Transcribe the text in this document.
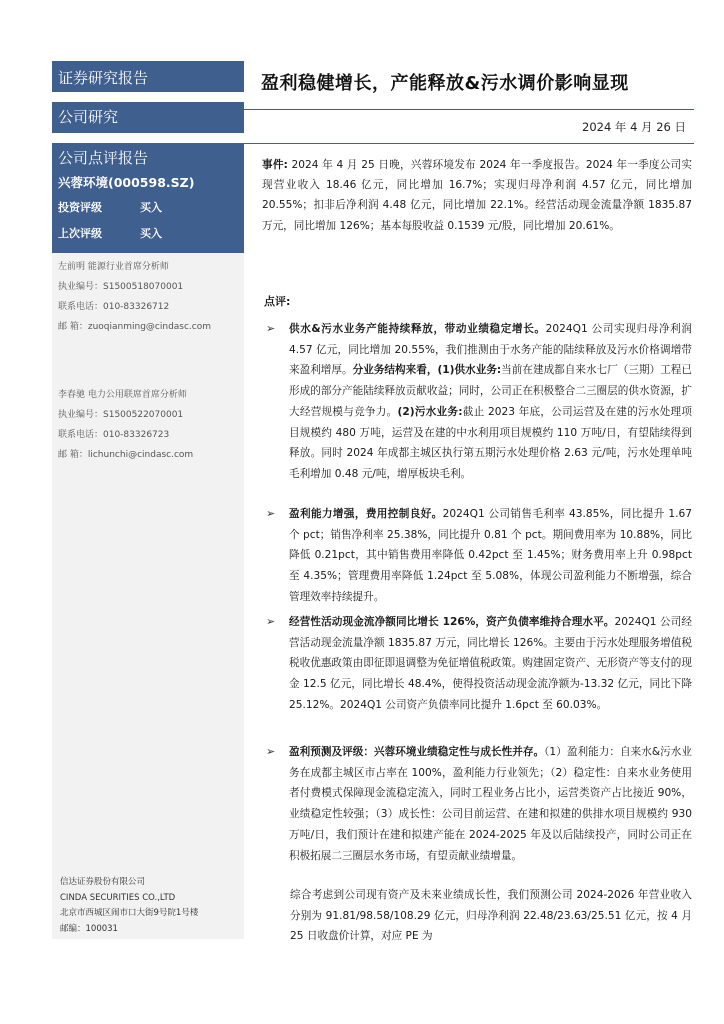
证券研究报告
公司研究
公司点评报告
兴蓉环境(000598.SZ)
投资评级	买入
上次评级	买入
左前明 能源行业首席分析师
执业编号：S1500518070001
联系电话：010-83326712
邮 箱：zuoqianming@cindasc.com
李春驰 电力公用联席首席分析师
执业编号：S1500522070001
联系电话：010-83326723
邮 箱：lichunchi@cindasc.com
信达证券股份有限公司
CINDA SECURITIES CO.,LTD
北京市西城区闹市口大街9号院1号楼
邮编：100031
盈利稳健增长，产能释放&污水调价影响显现
2024 年 4 月 26 日
事件: 2024 年 4 月 25 日晚，兴蓉环境发布 2024 年一季度报告。2024 年一季度公司实现营业收入 18.46 亿元，同比增加 16.7%；实现归母净利润 4.57 亿元，同比增加 20.55%；扣非后净利润 4.48 亿元，同比增加 22.1%。经营活动现金流量净额 1835.87 万元，同比增加 126%；基本每股收益 0.1539 元/股，同比增加 20.61%。
点评:
➢ 供水&污水业务产能持续释放，带动业绩稳定增长。2024Q1 公司实现归母净利润 4.57 亿元，同比增加 20.55%，我们推测由于水务产能的陆续释放及污水价格调增带来盈利增厚。分业务结构来看，(1)供水业务:当前在建成都自来水七厂（三期）工程已形成的部分产能陆续释放贡献收益；同时，公司正在积极整合二三圈层的供水资源，扩大经营规模与竞争力。(2)污水业务:截止 2023 年底，公司运营及在建的污水处理项目规模约 480 万吨，运营及在建的中水利用项目规模约 110 万吨/日，有望陆续得到释放。同时 2024 年成都主城区执行第五期污水处理价格 2.63 元/吨，污水处理单吨毛利增加 0.48 元/吨，增厚板块毛利。
➢ 盈利能力增强，费用控制良好。2024Q1 公司销售毛利率 43.85%，同比提升 1.67 个 pct；销售净利率 25.38%，同比提升 0.81 个 pct。期间费用率为 10.88%，同比降低 0.21pct，其中销售费用率降低 0.42pct 至 1.45%；财务费用率上升 0.98pct 至 4.35%；管理费用率降低 1.24pct 至 5.08%，体现公司盈利能力不断增强，综合管理效率持续提升。
➢ 经营性活动现金流净额同比增长 126%，资产负债率维持合理水平。2024Q1 公司经营活动现金流量净额 1835.87 万元，同比增长 126%。主要由于污水处理服务增值税税收优惠政策由即征即退调整为免征增值税政策。购建固定资产、无形资产等支付的现金 12.5 亿元，同比增长 48.4%，使得投资活动现金流净额为-13.32 亿元，同比下降 25.12%。2024Q1 公司资产负债率同比提升 1.6pct 至 60.03%。
➢ 盈利预测及评级：兴蓉环境业绩稳定性与成长性并存。（1）盈利能力：自来水&污水业务在成都主城区市占率在 100%，盈利能力行业领先；（2）稳定性：自来水业务使用者付费模式保障现金流稳定流入，同时工程业务占比小，运营类资产占比接近 90%，业绩稳定性较强；（3）成长性：公司目前运营、在建和拟建的供排水项目规模约 930 万吨/日，我们预计在建和拟建产能在 2024-2025 年及以后陆续投产，同时公司正在积极拓展二三圈层水务市场，有望贡献业绩增量。
综合考虑到公司现有资产及未来业绩成长性，我们预测公司 2024-2026 年营业收入分别为 91.81/98.58/108.29 亿元，归母净利润 22.48/23.63/25.51 亿元，按 4 月 25 日收盘价计算，对应 PE 为
